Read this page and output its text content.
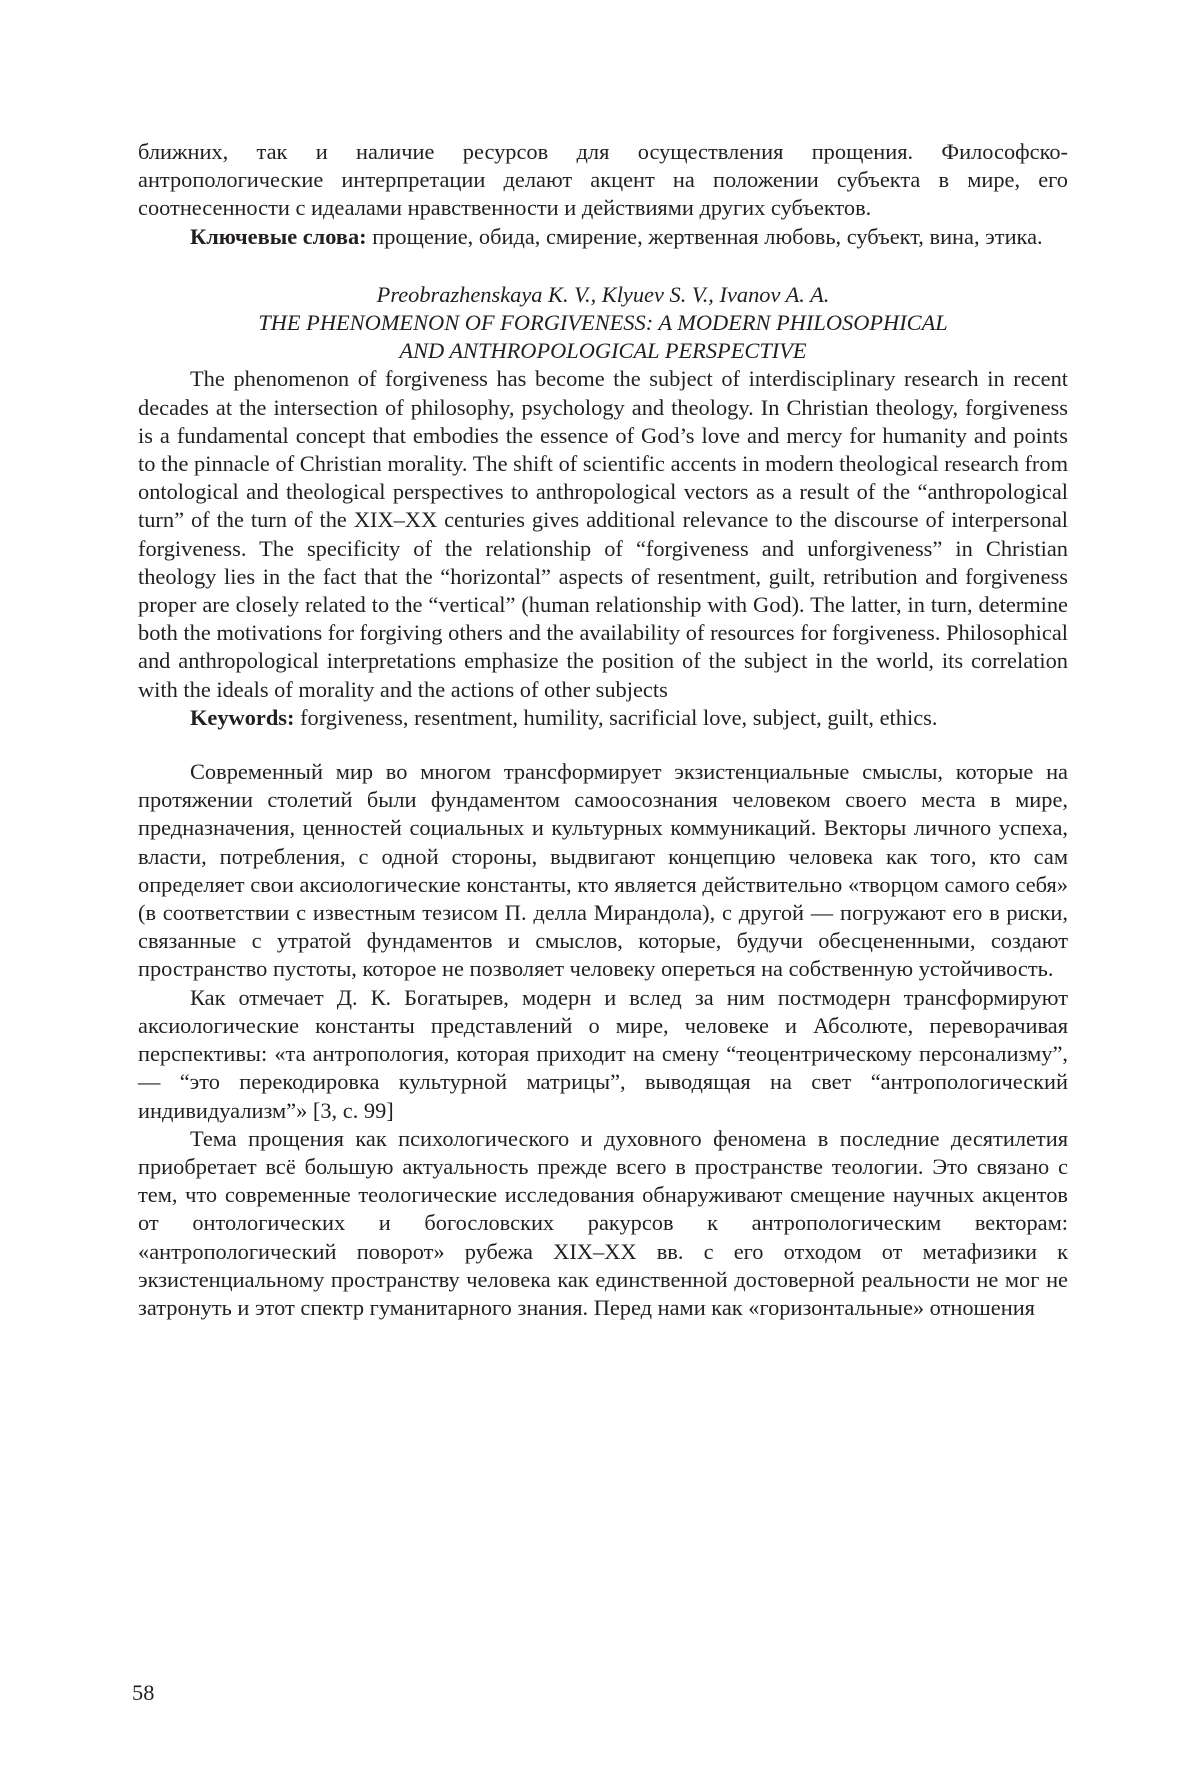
ближних, так и наличие ресурсов для осуществления прощения. Философско-антропологические интерпретации делают акцент на положении субъекта в мире, его соотнесенности с идеалами нравственности и действиями других субъектов.

Ключевые слова: прощение, обида, смирение, жертвенная любовь, субъект, вина, этика.

Preobrazhenskaya K. V., Klyuev S. V., Ivanov A. A.

THE PHENOMENON OF FORGIVENESS: A MODERN PHILOSOPHICAL

AND ANTHROPOLOGICAL PERSPECTIVE

The phenomenon of forgiveness has become the subject of interdisciplinary research in recent decades at the intersection of philosophy, psychology and theology. In Christian theology, forgiveness is a fundamental concept that embodies the essence of God’s love and mercy for humanity and points to the pinnacle of Christian morality. The shift of scientific accents in modern theological research from ontological and theological perspectives to anthropological vectors as a result of the “anthropological turn” of the turn of the XIX–XX centuries gives additional relevance to the discourse of interpersonal forgiveness. The specificity of the relationship of “forgiveness and unforgiveness” in Christian theology lies in the fact that the “horizontal” aspects of resentment, guilt, retribution and forgiveness proper are closely related to the “vertical” (human relationship with God). The latter, in turn, determine both the motivations for forgiving others and the availability of resources for forgiveness. Philosophical and anthropological interpretations emphasize the position of the subject in the world, its correlation with the ideals of morality and the actions of other subjects

Keywords: forgiveness, resentment, humility, sacrificial love, subject, guilt, ethics.

Современный мир во многом трансформирует экзистенциальные смыслы, которые на протяжении столетий были фундаментом самоосознания человеком своего места в мире, предназначения, ценностей социальных и культурных коммуникаций. Векторы личного успеха, власти, потребления, с одной стороны, выдвигают концепцию человека как того, кто сам определяет свои аксиологические константы, кто является действительно «творцом самого себя» (в соответствии с известным тезисом П. делла Мирандола), с другой — погружают его в риски, связанные с утратой фундаментов и смыслов, которые, будучи обесцененными, создают пространство пустоты, которое не позволяет человеку опереться на собственную устойчивость.

Как отмечает Д. К. Богатырев, модерн и вслед за ним постмодерн трансформируют аксиологические константы представлений о мире, человеке и Абсолюте, переворачивая перспективы: «та антропология, которая приходит на смену “теоцентрическому персонализму”, — “это перекодировка культурной матрицы”, выводящая на свет “антропологический индивидуализм”» [3, с. 99]

Тема прощения как психологического и духовного феномена в последние десятилетия приобретает всё большую актуальность прежде всего в пространстве теологии. Это связано с тем, что современные теологические исследования обнаруживают смещение научных акцентов от онтологических и богословских ракурсов к антропологическим векторам: «антропологический поворот» рубежа XIX–XX вв. с его отходом от метафизики к экзистенциальному пространству человека как единственной достоверной реальности не мог не затронуть и этот спектр гуманитарного знания. Перед нами как «горизонтальные» отношения

58
